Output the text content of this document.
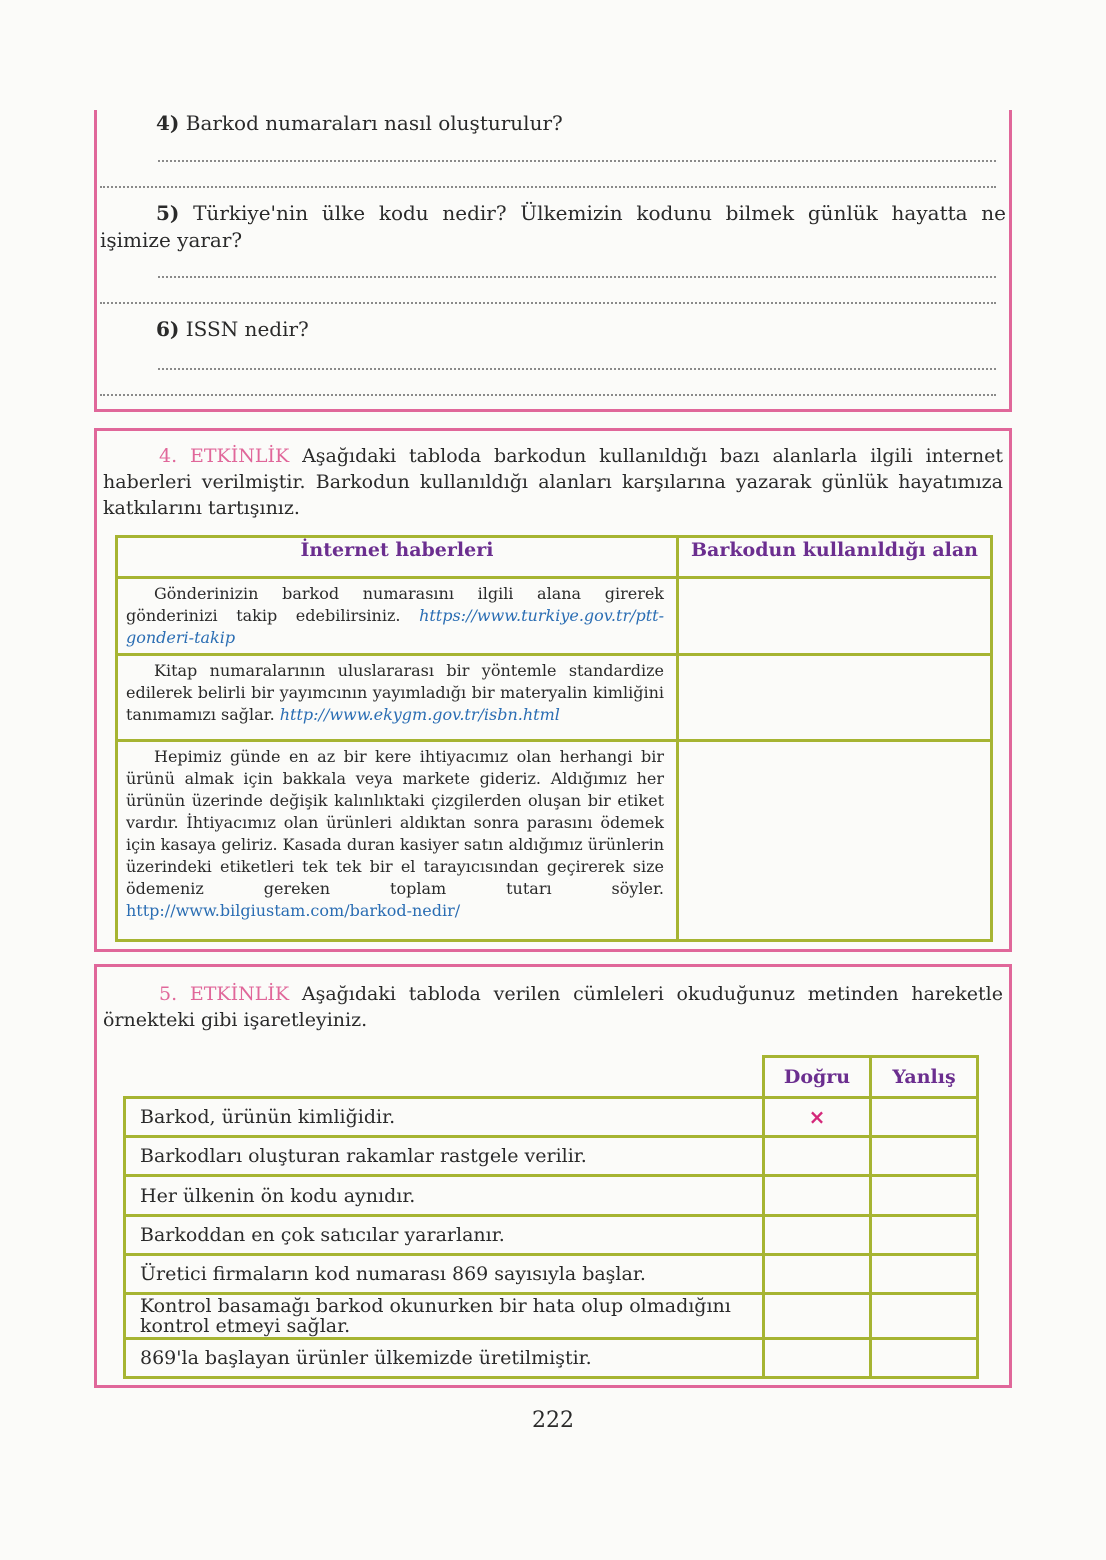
4) Barkod numaraları nasıl oluşturulur?
5) Türkiye'nin ülke kodu nedir? Ülkemizin kodunu bilmek günlük hayatta ne işimize yarar?
6) ISSN nedir?
4. ETKİNLİK Aşağıdaki tabloda barkodun kullanıldığı bazı alanlarla ilgili internet haberleri verilmiştir. Barkodun kullanıldığı alanları karşılarına yazarak günlük hayatımıza katkılarını tartışınız.
İnternet haberleri	Barkodun kullanıldığı alan
Gönderinizin barkod numarasını ilgili alana girerek gönderinizi takip edebilirsiniz. https://www.turkiye.gov.tr/ptt-gonderi-takip	
Kitap numaralarının uluslararası bir yöntemle standardize edilerek belirli bir yayımcının yayımladığı bir materyalin kimliğini tanımamızı sağlar. http://www.ekygm.gov.tr/isbn.html	
Hepimiz günde en az bir kere ihtiyacımız olan herhangi bir ürünü almak için bakkala veya markete gideriz. Aldığımız her ürünün üzerinde değişik kalınlıktaki çizgilerden oluşan bir etiket vardır. İhtiyacımız olan ürünleri aldıktan sonra parasını ödemek için kasaya geliriz. Kasada duran kasiyer satın aldığımız ürünlerin üzerindeki etiketleri tek tek bir el tarayıcısından geçirerek size ödemeniz gereken toplam tutarı söyler. http://www.bilgiustam.com/barkod-nedir/	
5. ETKİNLİK Aşağıdaki tabloda verilen cümleleri okuduğunuz metinden hareketle örnekteki gibi işaretleyiniz.
	Doğru	Yanlış
Barkod, ürünün kimliğidir.	×	
Barkodları oluşturan rakamlar rastgele verilir.		
Her ülkenin ön kodu aynıdır.		
Barkoddan en çok satıcılar yararlanır.		
Üretici firmaların kod numarası 869 sayısıyla başlar.		
Kontrol basamağı barkod okunurken bir hata olup olmadığını kontrol etmeyi sağlar.		
869'la başlayan ürünler ülkemizde üretilmiştir.		
222
